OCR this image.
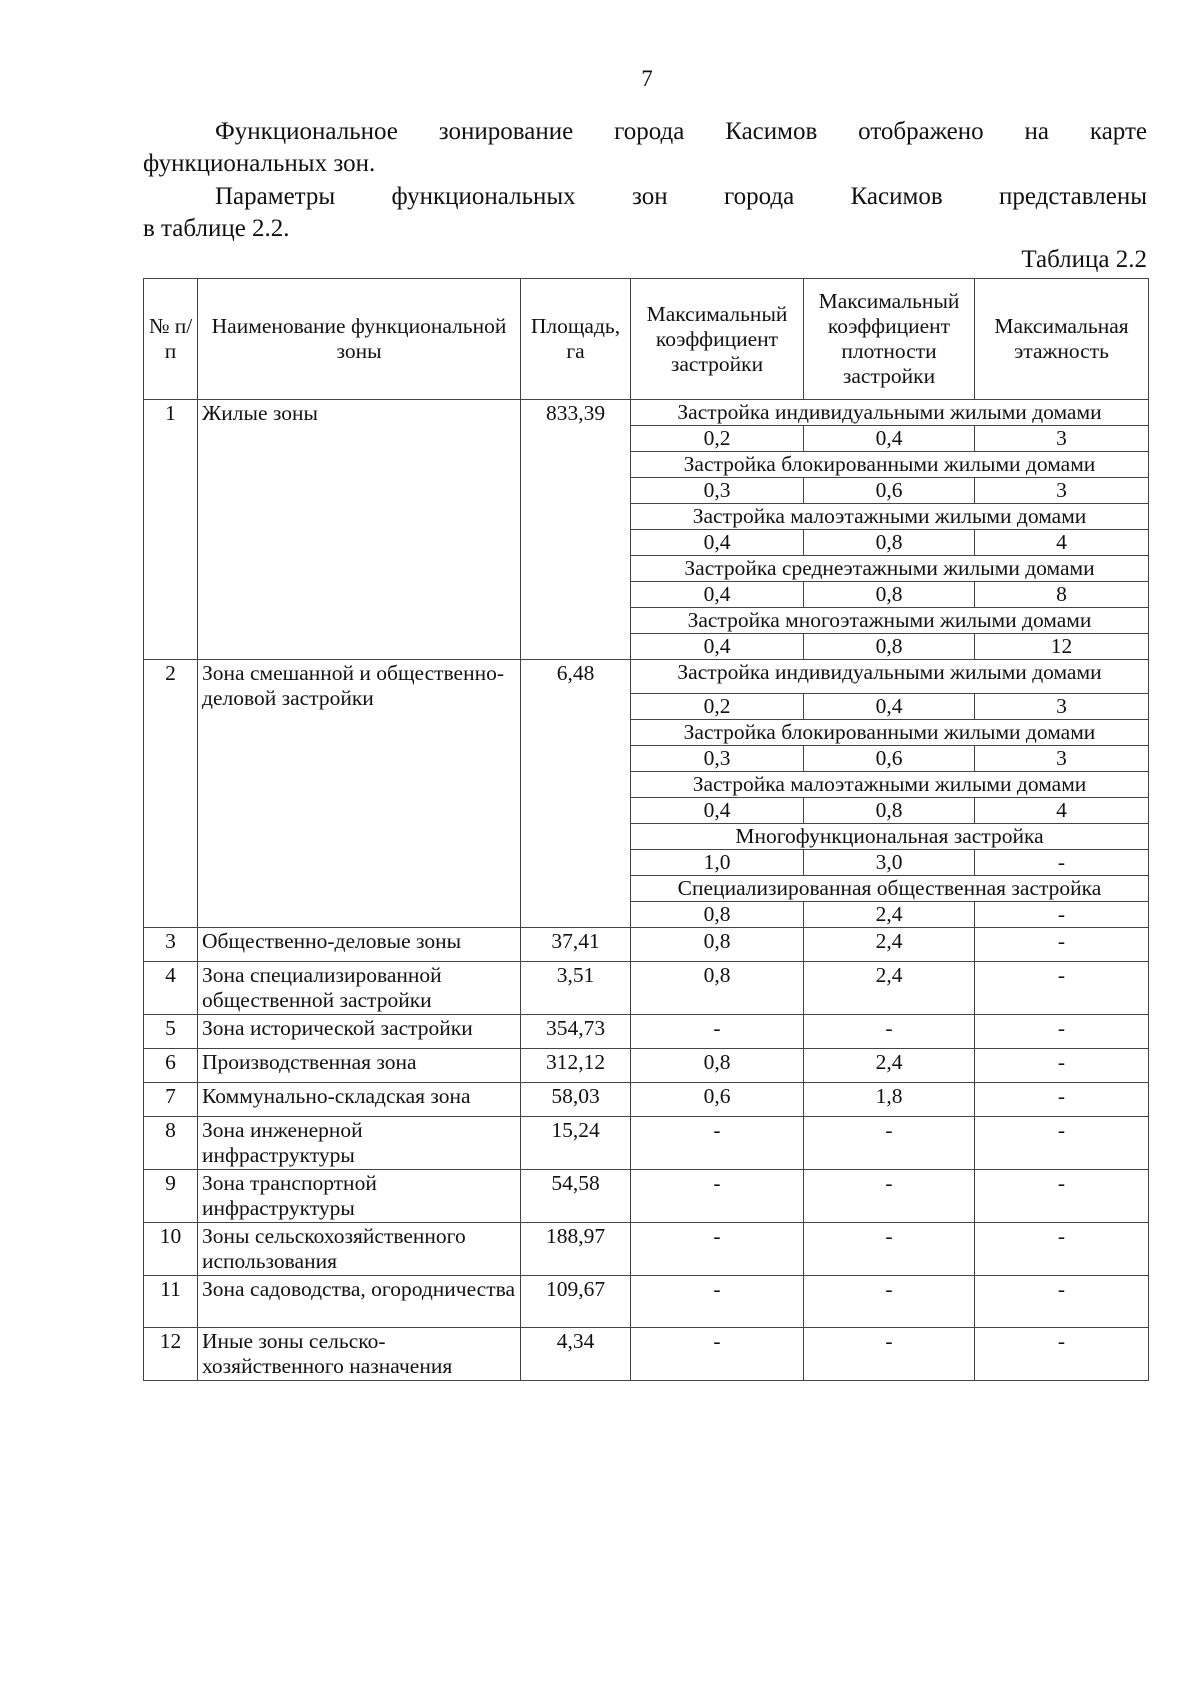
7
Функциональное зонирование города Касимов отображено на карте
функциональных зон.
Параметры функциональных зон города Касимов представлены
в таблице 2.2.
Таблица 2.2
№ п/п	Наименование функциональной зоны	Площадь, га	Максимальный коэффициент застройки	Максимальный коэффициент плотности застройки	Максимальная этажность
1	Жилые зоны	833,39	Застройка индивидуальными жилыми домами		
			0,2	0,4	3
			Застройка блокированными жилыми домами		
			0,3	0,6	3
			Застройка малоэтажными жилыми домами		
			0,4	0,8	4
			Застройка среднеэтажными жилыми домами		
			0,4	0,8	8
			Застройка многоэтажными жилыми домами		
			0,4	0,8	12
2	Зона смешанной и общественно-деловой застройки	6,48	Застройка индивидуальными жилыми домами		
			0,2	0,4	3
			Застройка блокированными жилыми домами		
			0,3	0,6	3
			Застройка малоэтажными жилыми домами		
			0,4	0,8	4
			Многофункциональная застройка		
			1,0	3,0	-
			Специализированная общественная застройка		
			0,8	2,4	-
3	Общественно-деловые зоны	37,41	0,8	2,4	-
4	Зона специализированной общественной застройки	3,51	0,8	2,4	-
5	Зона исторической застройки	354,73	-	-	-
6	Производственная зона	312,12	0,8	2,4	-
7	Коммунально-складская зона	58,03	0,6	1,8	-
8	Зона инженерной инфраструктуры	15,24	-	-	-
9	Зона транспортной инфраструктуры	54,58	-	-	-
10	Зоны сельскохозяйственного использования	188,97	-	-	-
11	Зона садоводства, огородничества	109,67	-	-	-
12	Иные зоны сельско-хозяйственного назначения	4,34	-	-	-
